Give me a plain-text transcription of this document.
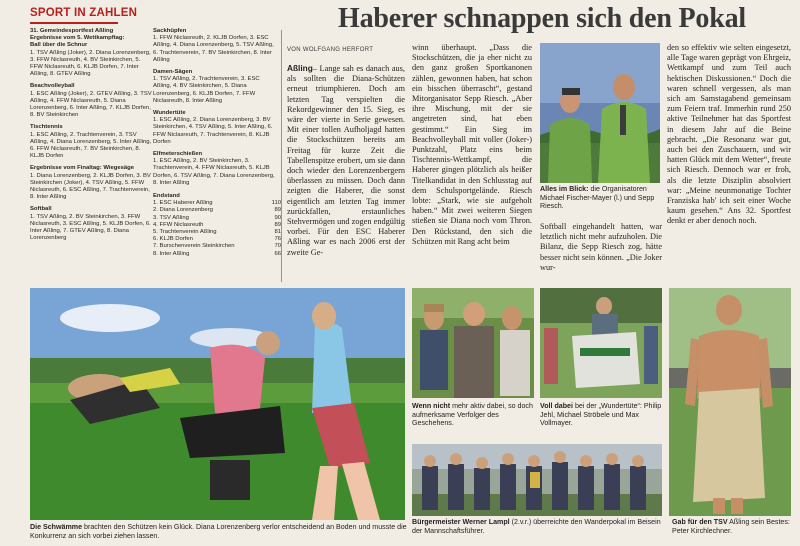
SPORT IN ZAHLEN	Haberer schnappen sich den Pokal
31. Gemeindesportfest Aßling
Ergebnisse vom 5. Wettkampftag:
Ball über die Schnur

1. TSV Aßling (Joker), 2. Diana Lorenzenberg, 3. FFW Niclasreuth, 4. BV Steinkirchen, 5. FFW Niclasreuth, 6. KLJB Dorfen, 7. Inter Aßling, 8. GTEV Aßling

Beachvolleyball

1. ESC Aßling (Joker), 2. GTEV Aßling, 3. TSV Aßling, 4. FFW Niclasreuth, 5. Diana Lorenzenberg, 6. Inter Aßling, 7. KLJB Dorfen, 8. BV Steinkirchen

Tischtennis

1. ESC Aßling, 2. Trachtenverein, 3. TSV Aßling, 4. Diana Lorenzenberg, 5. Inter Aßling, 6. FFW Niclasreuth, 7. BV Steinkirchen, 8. KLJB Dorfen

Ergebnisse vom Finaltag: Wiegesäge

1. Diana Lorenzenberg, 2. KLJB Dorfen, 3. BV Steinkirchen (Joker), 4. TSV Aßling, 5. FFW Niclasreuth, 6. ESC Aßling, 7. Trachtenverein, 8. Inter Aßling

Softball

1. TSV Aßling, 2. BV Steinkirchen, 3. FFW Niclasreuth, 3. ESC Aßling, 5. KLJB Dorfen, 6. Inter Aßling, 7. GTEV Aßling, 8. Diana Lorenzenberg

Sackhüpfen

1. FFW Niclasreuth, 2. KLJB Dorfen, 3. ESC Aßling, 4. Diana Lorenzenberg, 5. TSV Aßling, 6. Trachtenverein, 7. BV Steinkirchen, 8. Inter Aßling

Damen-Sägen

1. TSV Aßling, 2. Trachtenverein, 3. ESC Aßling, 4. BV Steinkirchen, 5. Diana Lorenzenberg, 6. KLJB Dorfen, 7. FFW Niclasreuth, 8. Inter Aßling

Wundertüte

1. ESC Aßling, 2. Diana Lorenzenberg, 3. BV Steinkirchen, 4. TSV Aßling, 5. Inter Aßling, 6. FFW Niclasreuth, 7. Trachtenverein, 8. KLJB Dorfen

Elfmeterschießen

1. ESC Aßling, 2. BV Steinkirchen, 3. Trachtenverein, 4. FFW Niclasreuth, 5. KLJB Dorfen, 6. TSV Aßling, 7. Diana Lorenzenberg, 8. Inter Aßling

Endstand
1. ESC Haberer Aßling	110
2. Diana Lorenzenberg	89
3. TSV Aßling	90
4. FFW Niclasreuth	89
5. Trachtenverein Aßling	81
6. KLJB Dorfen	76
7. Burschenverein Steinkirchen	70
8. Inter Aßling	66
VON WOLFGANG HERFORT
Aßling– Lange sah es danach aus, als sollten die Diana-Schützen erneut triumphieren. Doch am letzten Tag verspielten die Rekordgewinner den 15. Sieg, es wäre der vierte in Serie gewesen. Mit einer tollen Aufholjagd hatten die Stockschützen bereits am Freitag für kurze Zeit die Tabellenspitze erobert, um sie dann doch wieder den Lorenzenbergern überlassen zu müssen. Doch dann zeigten die Haberer, die sonst eigentlich am letzten Tag immer zurückfallen, erstaunliches Stehvermögen und zogen endgültig vorbei. Für den ESC Haberer Aßling war es nach 2006 erst der zweite Ge-
winn überhaupt. „Dass die Stockschützen, die ja eher nicht zu den ganz großen Sportkanonen zählen, gewonnen haben, hat schon ein bisschen überrascht“, gestand Mitorganisator Sepp Riesch. „Aber ihre Mischung, mit der sie angetreten sind, hat eben gestimmt.“ Ein Sieg im Beachvolleyball mit voller (Joker-) Punktzahl, Platz eins beim Tischtennis-Wettkampf, die Haberer gingen plötzlich als heißer Titelkandidat in den Schlusstag auf dem Schulsportgelände. Riesch lobte: „Stark, wie sie aufgeholt haben.“ Mit zwei weiteren Siegen stießen sie Diana noch vom Thron. Den Rückstand, den sich die Schützen mit Rang acht beim
Alles im Blick: die Organisatoren Michael Fischer-Mayer (l.) und Sepp Riesch.
Softball eingehandelt hatten, war letztlich nicht mehr aufzuholen. Die Bilanz, die Sepp Riesch zog, hätte besser nicht sein können. „Die Joker wur-
den so effektiv wie selten eingesetzt, alle Tage waren geprägt von Ehrgeiz, Wettkampf und zum Teil auch hektischen Diskussionen.“ Doch die waren schnell vergessen, als man sich am Samstagabend gemeinsam zum Feiern traf. Immerhin rund 250 aktive Teilnehmer hat das Sportfest in diesem Jahr auf die Beine gebracht. „Die Resonanz war gut, auch bei den Zuschauern, und wir hatten Glück mit dem Wetter“, freute sich Riesch. Dennoch war er froh, als die letzte Disziplin absolviert war: „Meine neunmonatige Tochter Franziska hab' ich seit einer Woche kaum gesehen.“ Ans 32. Sportfest denkt er aber denoch noch.
Die Schwämme brachten den Schützen kein Glück. Diana Lorenzenberg verlor entscheidend an Boden und musste die Konkurrenz an sich vorbei ziehen lassen.
Wenn nicht mehr aktiv dabei, so doch aufmerksame Verfolger des Geschehens.
Voll dabei bei der „Wundertüte“: Philip Jehl, Michael Ströbele und Max Vollmayer.
Bürgermeister Werner Lampl (2.v.r.) überreichte den Wanderpokal im Beisein der Mannschaftsführer.
Gab für den TSV Aßling sein Bestes: Peter Kirchlechner.
